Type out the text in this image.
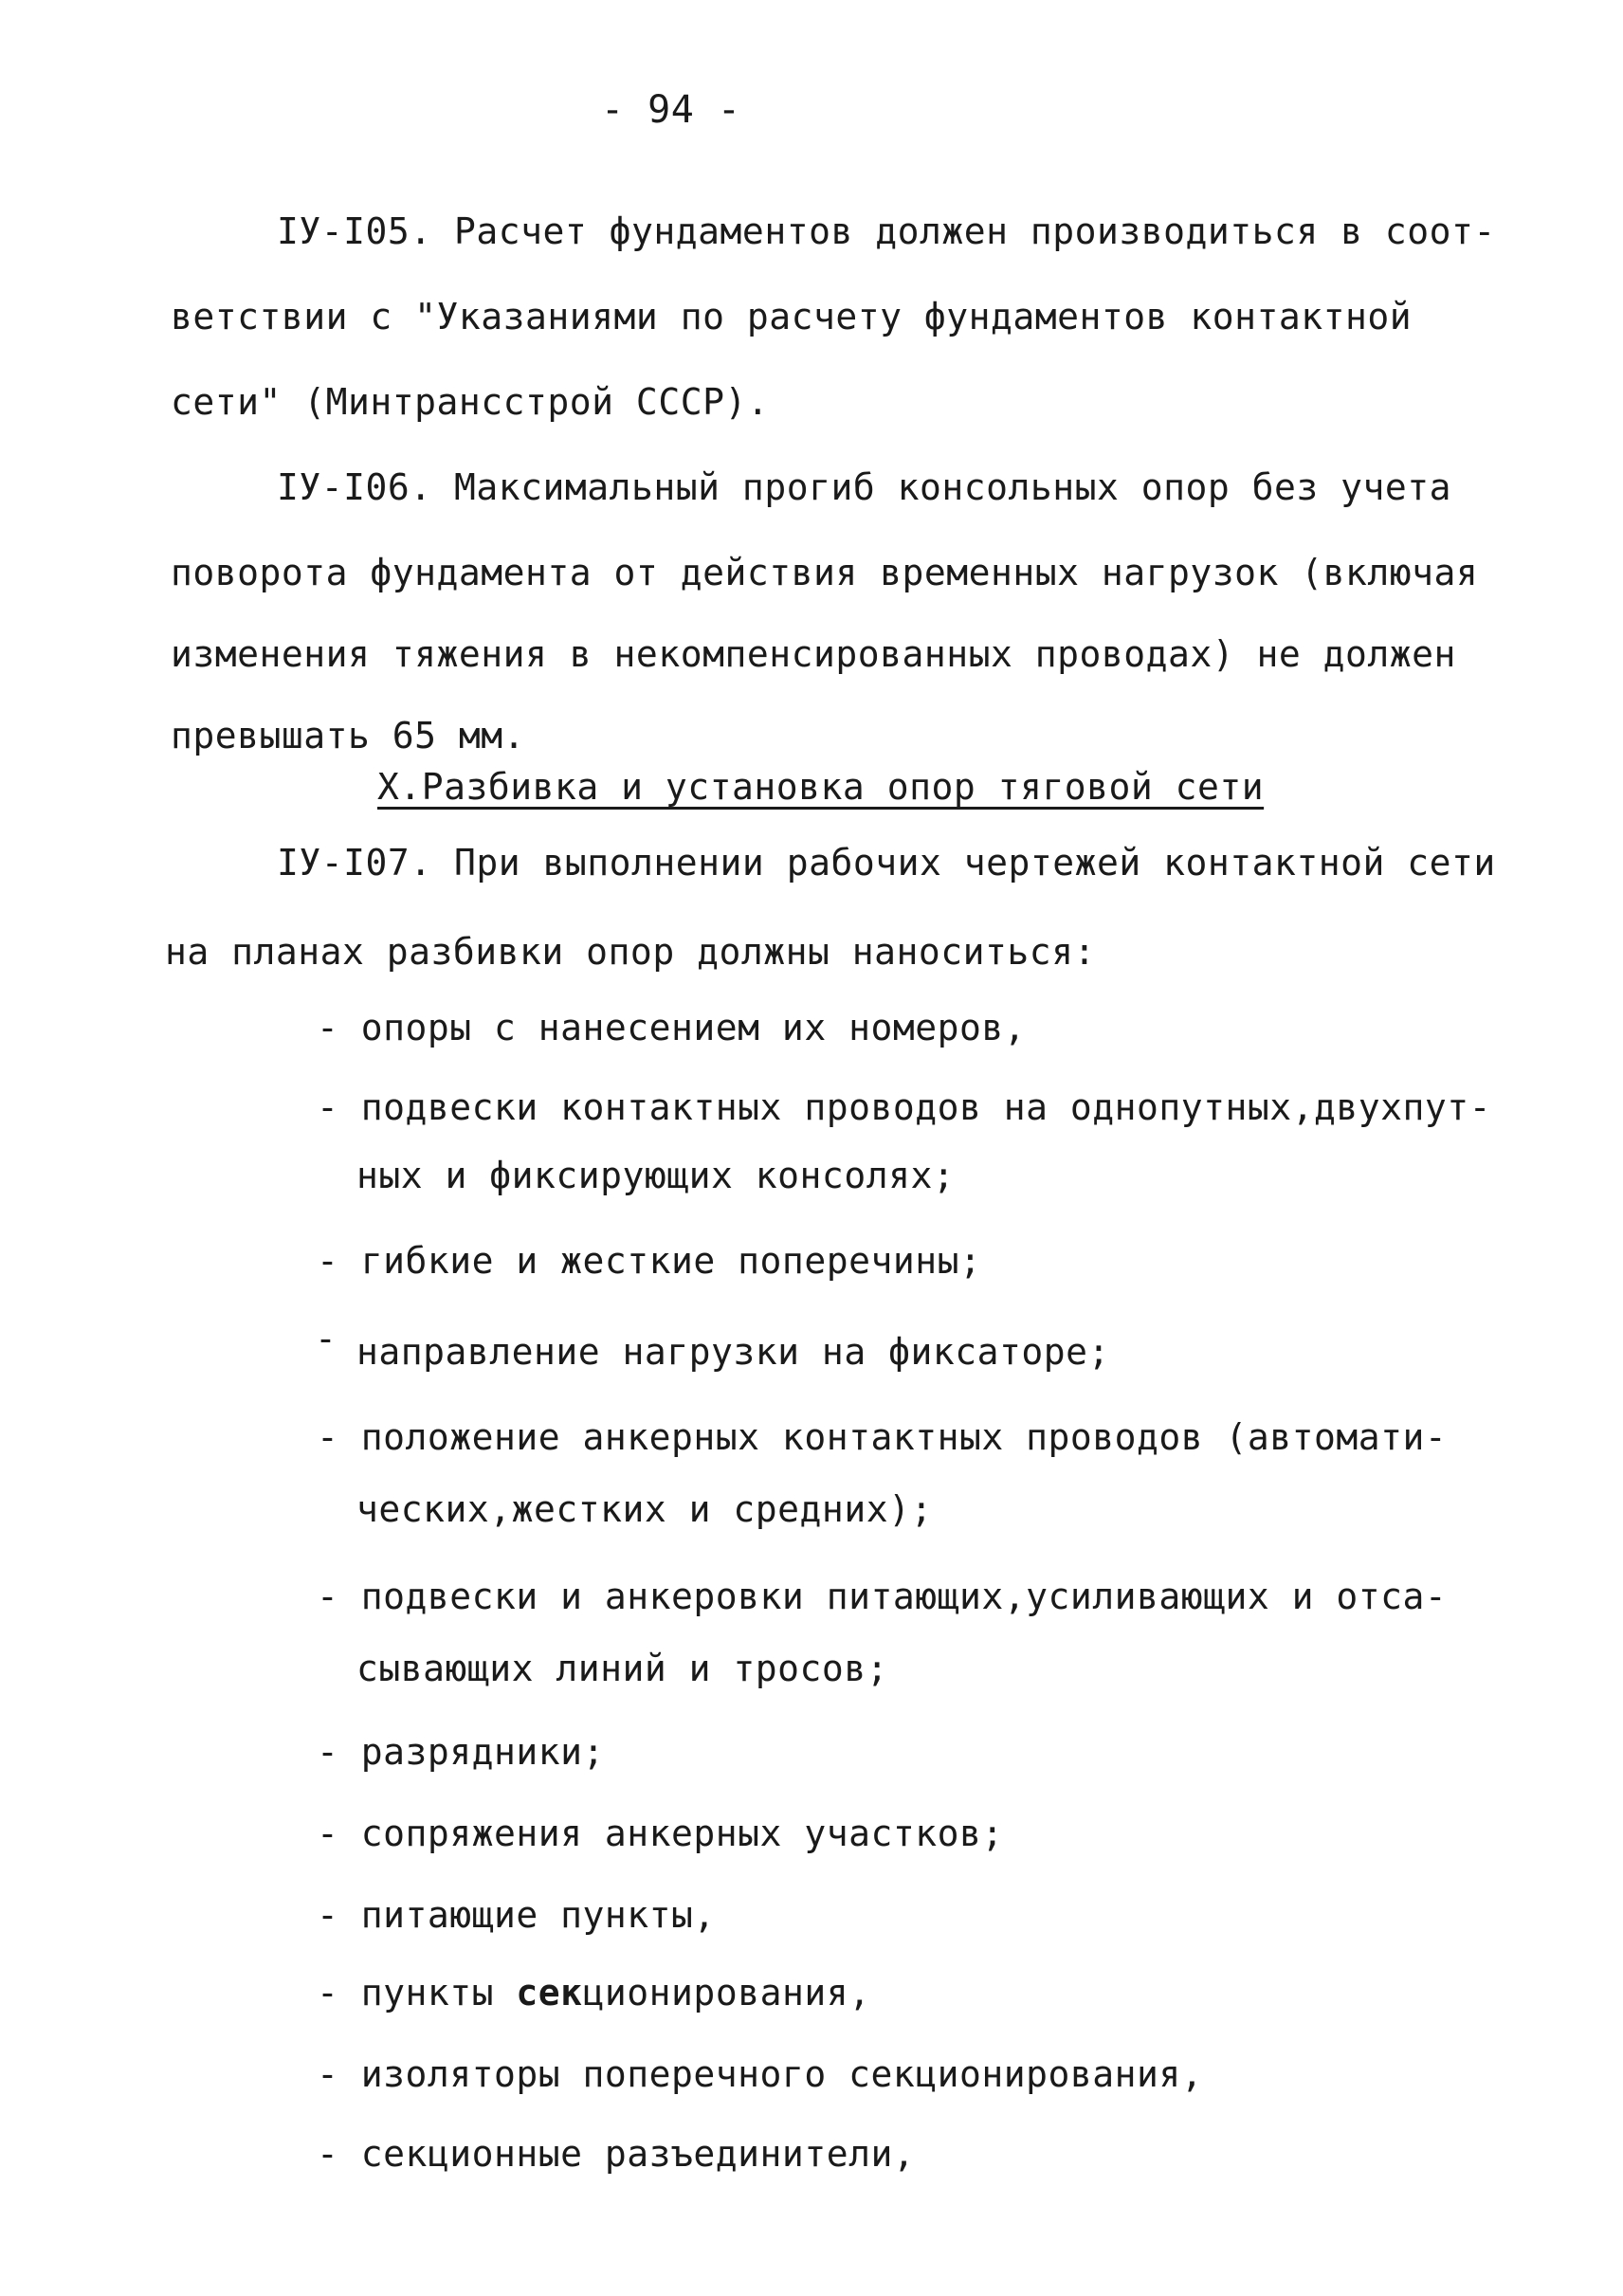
- 94 -
IУ-I05. Расчет фундаментов должен производиться в соот-
ветствии с "Указаниями по расчету фундаментов контактной
сети" (Минтрансстрой СССР).
IУ-I06. Максимальный прогиб консольных опор без учета
поворота фундамента от действия временных нагрузок (включая
изменения тяжения в некомпенсированных проводах) не должен
превышать 65 мм.
Х.Разбивка и установка опор тяговой сети
IУ-I07. При выполнении рабочих чертежей контактной сети
на планах разбивки опор должны наноситься:
- опоры с нанесением их номеров,
- подвески контактных проводов на однопутных,двухпут-
ных и фиксирующих консолях;
- гибкие и жесткие поперечины;
- направление нагрузки на фиксаторе;
- положение анкерных контактных проводов (автомати-
ческих,жестких и средних);
- подвески и анкеровки питающих,усиливающих и отса-
сывающих линий и тросов;
- разрядники;
- сопряжения анкерных участков;
- питающие пункты,
- пункты секционирования,
- изоляторы поперечного секционирования,
- секционные разъединители,
